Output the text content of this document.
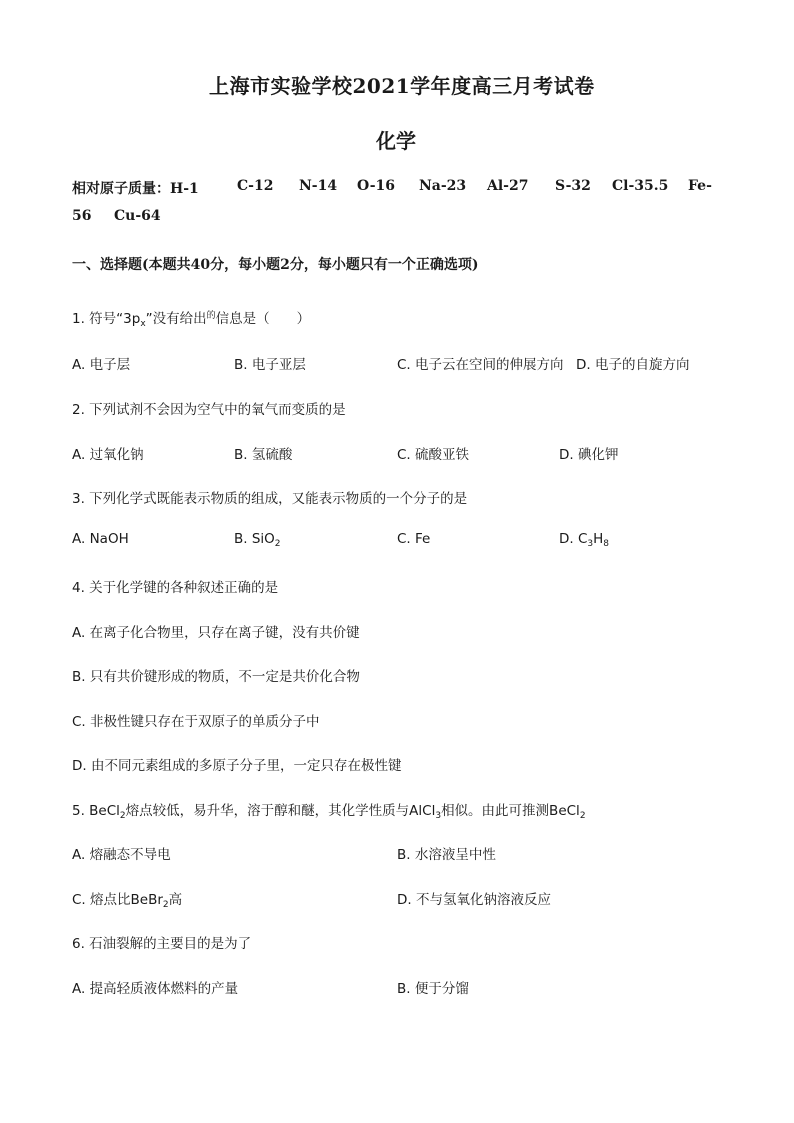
上海市实验学校2021学年度高三月考试卷
化学
相对原子质量：H-1	C-12 N-14 O-16 Na-23 Al-27 S-32 Cl-35.5 Fe-
56 Cu-64
一、选择题(本题共40分，每小题2分，每小题只有一个正确选项)
1. 符号“$3p_x$”没有给出$^的$信息是（　　）
A. 电子层	B. 电子亚层	C. 电子云在空间的伸展方向 D. 电子的自旋方向
2. 下列试剂不会因为空气中的氧气而变质的是
A. 过氧化钠	B. 氢硫酸	C. 硫酸亚铁	D. 碘化钾
3. 下列化学式既能表示物质的组成，又能表示物质的一个分子的是
A. NaOH	B. SiO$_2$	C. Fe	D. $C_3H_8$
4. 关于化学键的各种叙述正确的是
A. 在离子化合物里，只存在离子键，没有共价键
B. 只有共价键形成的物质，不一定是共价化合物
C. 非极性键只存在于双原子的单质分子中
D. 由不同元素组成的多原子分子里，一定只存在极性键
5. BeCl$_2$熔点较低，易升华，溶于醇和醚，其化学性质与AlCl$_3$相似。由此可推测BeCl$_2$
A. 熔融态不导电	B. 水溶液呈中性
C. 熔点比BeBr$_2$高	D. 不与氢氧化钠溶液反应
6. 石油裂解的主要目的是为了
A. 提高轻质液体燃料的产量	B. 便于分馏
